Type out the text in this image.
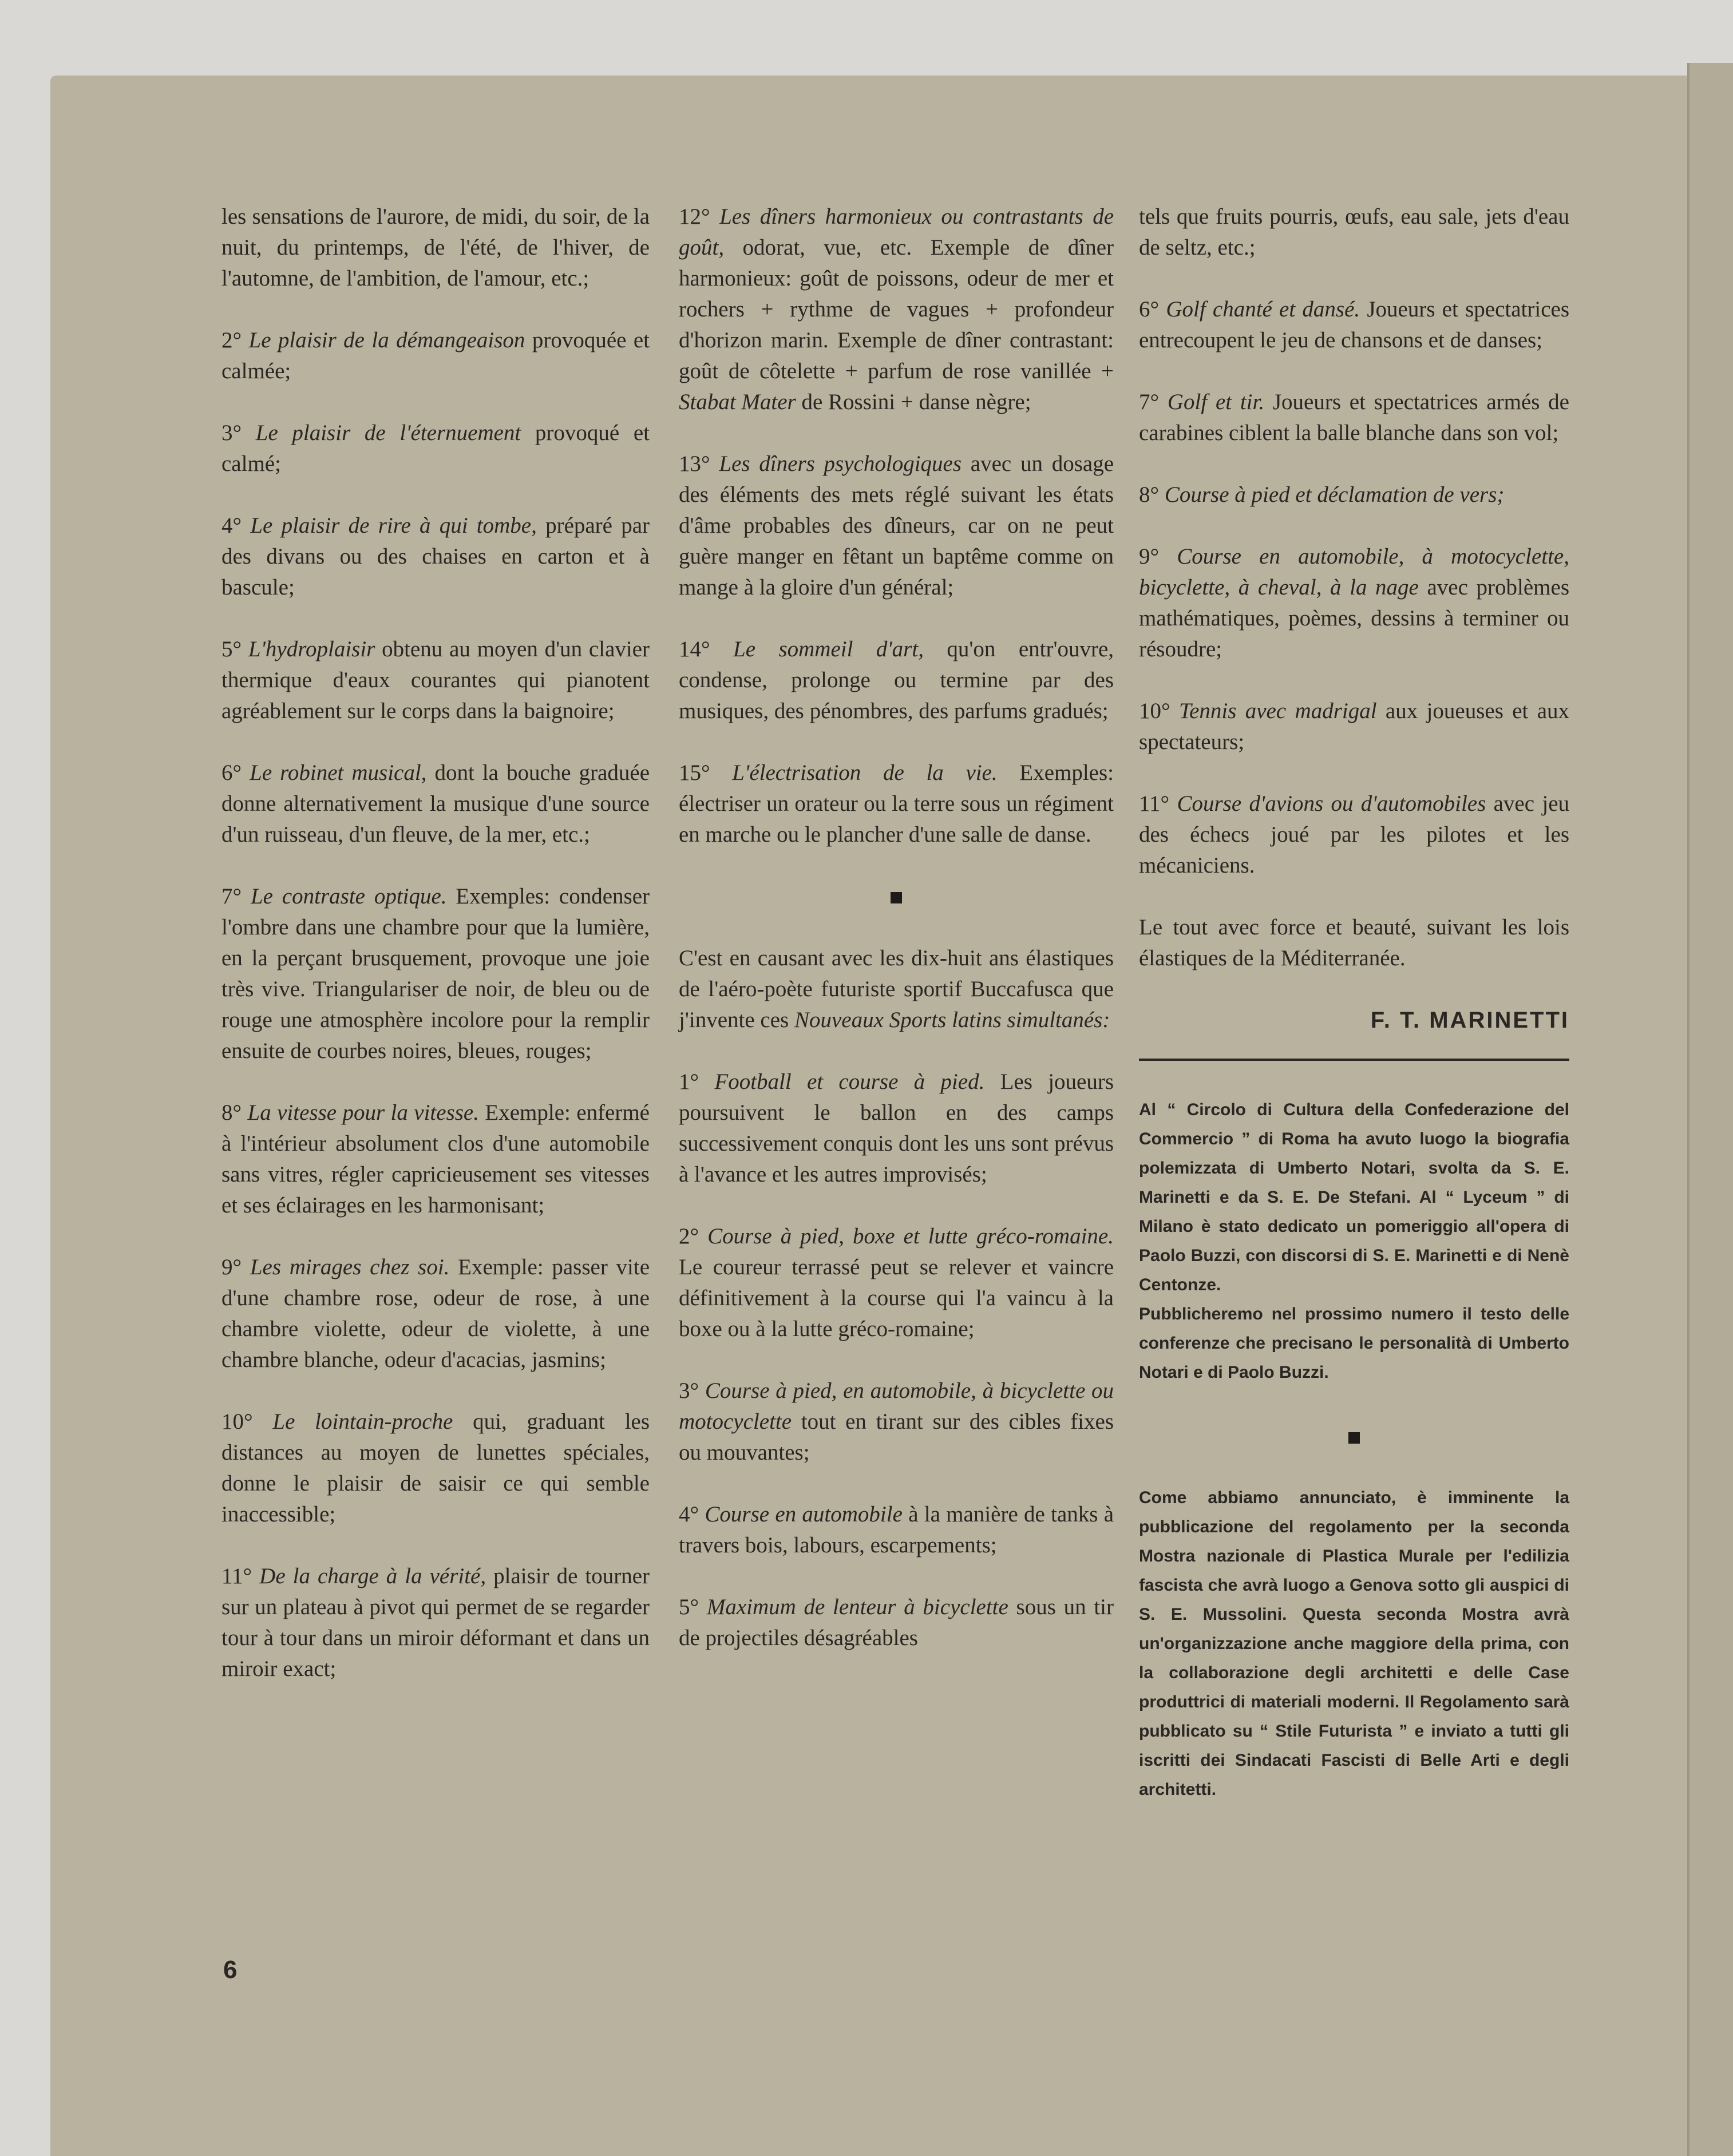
les sensations de l'aurore, de midi, du soir, de la nuit, du printemps, de l'été, de l'hiver, de l'automne, de l'ambition, de l'amour, etc.;

2° Le plaisir de la démangeaison provoquée et calmée;

3° Le plaisir de l'éternuement provoqué et calmé;

4° Le plaisir de rire à qui tombe, préparé par des divans ou des chaises en carton et à bascule;

5° L'hydroplaisir obtenu au moyen d'un clavier thermique d'eaux courantes qui pianotent agréablement sur le corps dans la baignoire;

6° Le robinet musical, dont la bouche graduée donne alternativement la musique d'une source d'un ruisseau, d'un fleuve, de la mer, etc.;

7° Le contraste optique. Exemples: condenser l'ombre dans une chambre pour que la lumière, en la perçant brusquement, provoque une joie très vive. Triangulariser de noir, de bleu ou de rouge une atmosphère incolore pour la remplir ensuite de courbes noires, bleues, rouges;

8° La vitesse pour la vitesse. Exemple: enfermé à l'intérieur absolument clos d'une automobile sans vitres, régler capricieusement ses vitesses et ses éclairages en les harmonisant;

9° Les mirages chez soi. Exemple: passer vite d'une chambre rose, odeur de rose, à une chambre violette, odeur de violette, à une chambre blanche, odeur d'acacias, jasmins;

10° Le lointain-proche qui, graduant les distances au moyen de lunettes spéciales, donne le plaisir de saisir ce qui semble inaccessible;

11° De la charge à la vérité, plaisir de tourner sur un plateau à pivot qui permet de se regarder tour à tour dans un miroir déformant et dans un miroir exact;

12° Les dîners harmonieux ou contrastants de goût, odorat, vue, etc. Exemple de dîner harmonieux: goût de poissons, odeur de mer et rochers + rythme de vagues + profondeur d'horizon marin. Exemple de dîner contrastant: goût de côtelette + parfum de rose vanillée + Stabat Mater de Rossini + danse nègre;

13° Les dîners psychologiques avec un dosage des éléments des mets réglé suivant les états d'âme probables des dîneurs, car on ne peut guère manger en fêtant un baptême comme on mange à la gloire d'un général;

14° Le sommeil d'art, qu'on entr'ouvre, condense, prolonge ou termine par des musiques, des pénombres, des parfums gradués;

15° L'électrisation de la vie. Exemples: électriser un orateur ou la terre sous un régiment en marche ou le plancher d'une salle de danse.

C'est en causant avec les dix-huit ans élastiques de l'aéro-poète futuriste sportif Buccafusca que j'invente ces Nouveaux Sports latins simultanés:

1° Football et course à pied. Les joueurs poursuivent le ballon en des camps successivement conquis dont les uns sont prévus à l'avance et les autres improvisés;

2° Course à pied, boxe et lutte gréco-romaine. Le coureur terrassé peut se relever et vaincre définitivement à la course qui l'a vaincu à la boxe ou à la lutte gréco-romaine;

3° Course à pied, en automobile, à bicyclette ou motocyclette tout en tirant sur des cibles fixes ou mouvantes;

4° Course en automobile à la manière de tanks à travers bois, labours, escarpements;

5° Maximum de lenteur à bicyclette sous un tir de projectiles désagréables

tels que fruits pourris, œufs, eau sale, jets d'eau de seltz, etc.;

6° Golf chanté et dansé. Joueurs et spectatrices entrecoupent le jeu de chansons et de danses;

7° Golf et tir. Joueurs et spectatrices armés de carabines ciblent la balle blanche dans son vol;

8° Course à pied et déclamation de vers;

9° Course en automobile, à motocyclette, bicyclette, à cheval, à la nage avec problèmes mathématiques, poèmes, dessins à terminer ou résoudre;

10° Tennis avec madrigal aux joueuses et aux spectateurs;

11° Course d'avions ou d'automobiles avec jeu des échecs joué par les pilotes et les mécaniciens.

Le tout avec force et beauté, suivant les lois élastiques de la Méditerranée.

F. T. MARINETTI

Al “ Circolo di Cultura della Confederazione del Commercio ” di Roma ha avuto luogo la biografia polemizzata di Umberto Notari, svolta da S. E. Marinetti e da S. E. De Stefani. Al “ Lyceum ” di Milano è stato dedicato un pomeriggio all'opera di Paolo Buzzi, con discorsi di S. E. Marinetti e di Nenè Centonze.

Pubblicheremo nel prossimo numero il testo delle conferenze che precisano le personalità di Umberto Notari e di Paolo Buzzi.

Come abbiamo annunciato, è imminente la pubblicazione del regolamento per la seconda Mostra nazionale di Plastica Murale per l'edilizia fascista che avrà luogo a Genova sotto gli auspici di S. E. Mussolini. Questa seconda Mostra avrà un'organizzazione anche maggiore della prima, con la collaborazione degli architetti e delle Case produttrici di materiali moderni. Il Regolamento sarà pubblicato su “ Stile Futurista ” e inviato a tutti gli iscritti dei Sindacati Fascisti di Belle Arti e degli architetti.

6
